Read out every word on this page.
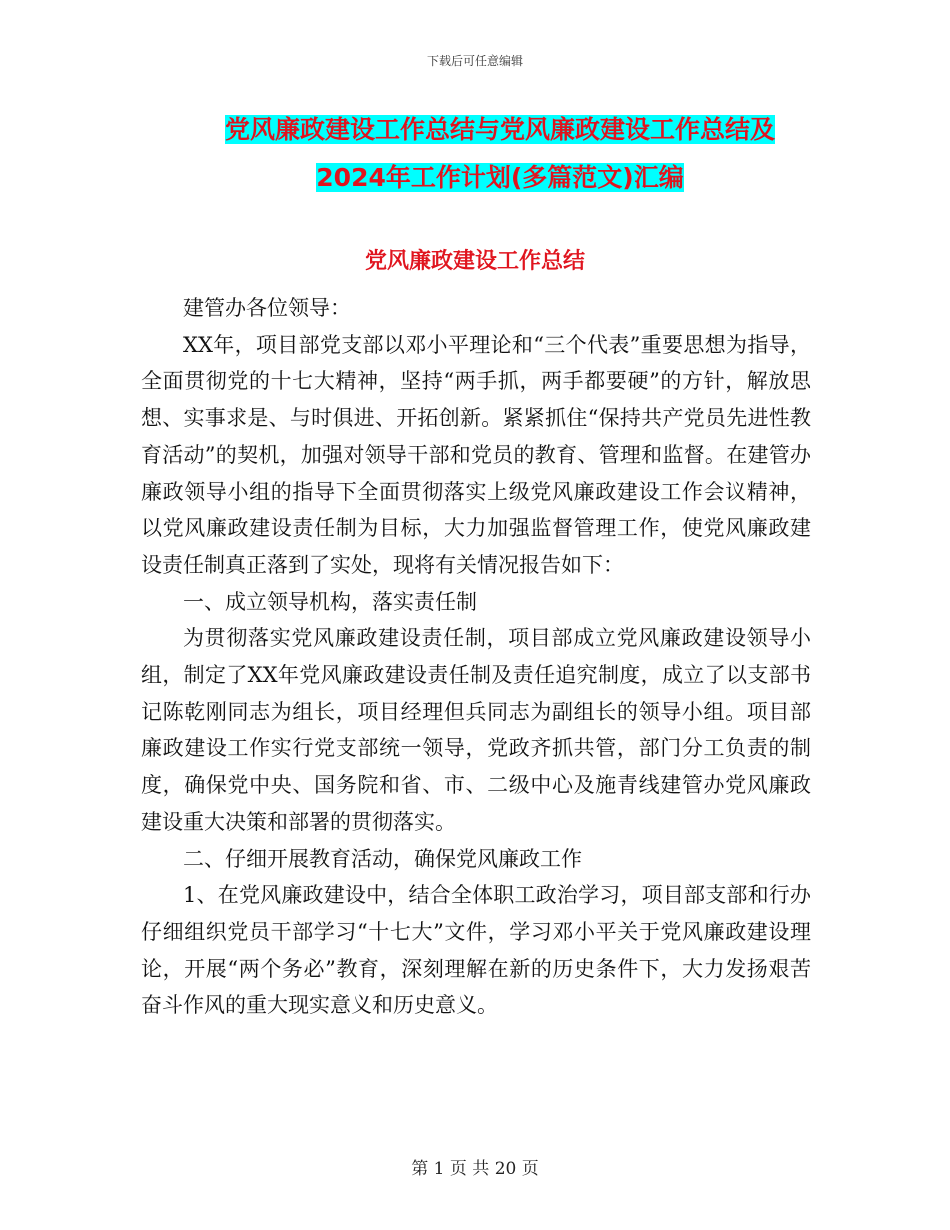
下载后可任意编辑
党风廉政建设工作总结与党风廉政建设工作总结及
2024年工作计划(多篇范文)汇编
党风廉政建设工作总结

建管办各位领导：

XX年，项目部党支部以邓小平理论和“三个代表”重要思想为指导，全面贯彻党的十七大精神，坚持“两手抓，两手都要硬”的方针，解放思想、实事求是、与时俱进、开拓创新。紧紧抓住“保持共产党员先进性教育活动”的契机，加强对领导干部和党员的教育、管理和监督。在建管办廉政领导小组的指导下全面贯彻落实上级党风廉政建设工作会议精神，以党风廉政建设责任制为目标，大力加强监督管理工作，使党风廉政建设责任制真正落到了实处，现将有关情况报告如下：

一、成立领导机构，落实责任制

为贯彻落实党风廉政建设责任制，项目部成立党风廉政建设领导小组，制定了XX年党风廉政建设责任制及责任追究制度，成立了以支部书记陈乾刚同志为组长，项目经理但兵同志为副组长的领导小组。项目部廉政建设工作实行党支部统一领导，党政齐抓共管，部门分工负责的制度，确保党中央、国务院和省、市、二级中心及施青线建管办党风廉政建设重大决策和部署的贯彻落实。

二、仔细开展教育活动，确保党风廉政工作

1、在党风廉政建设中，结合全体职工政治学习，项目部支部和行办仔细组织党员干部学习“十七大”文件，学习邓小平关于党风廉政建设理论，开展“两个务必”教育，深刻理解在新的历史条件下，大力发扬艰苦奋斗作风的重大现实意义和历史意义。

第 1 页 共 20 页
